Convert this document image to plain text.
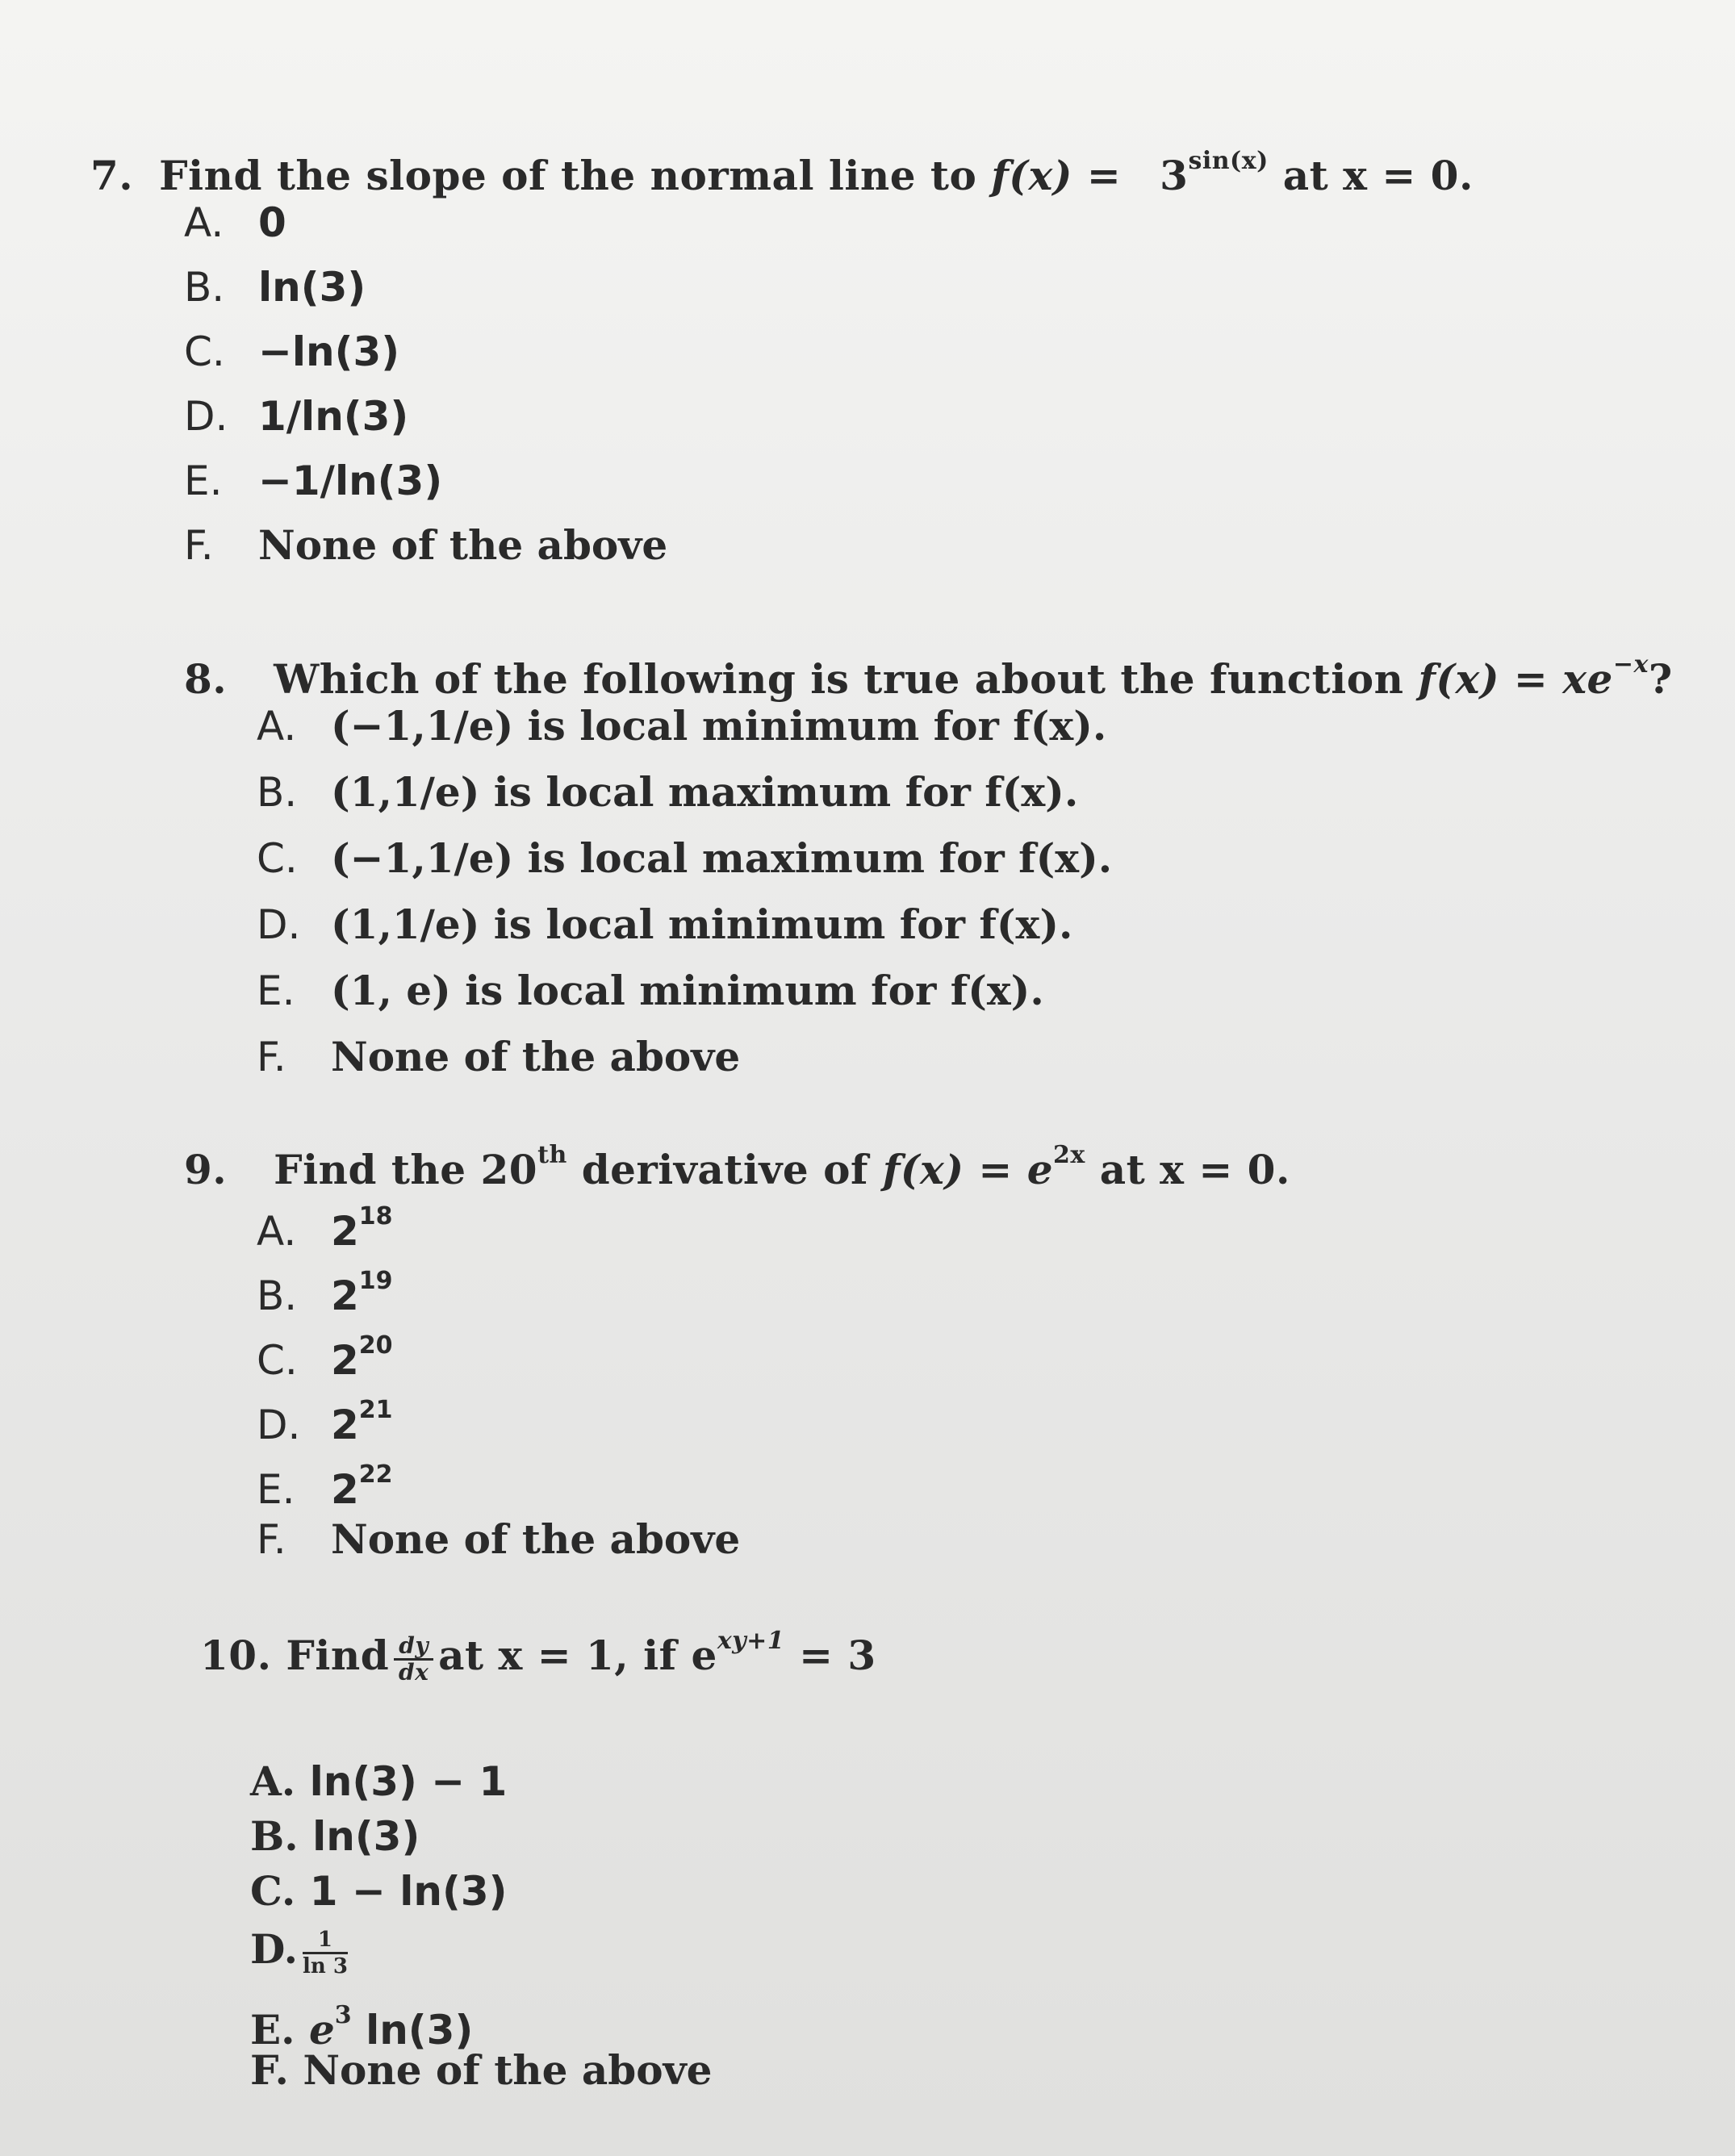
7. Find the slope of the normal line to $f(x) = 3^{sin(x)}$ at x = 0.
A. 0
B. ln(3)
C. −ln(3)
D. 1/ln(3)
E. −1/ln(3)
F. None of the above
8. Which of the following is true about the function $f(x) = xe^{-x}$?
A. (−1,1/e) is local minimum for f(x).
B. (1,1/e) is local maximum for f(x).
C. (−1,1/e) is local maximum for f(x).
D. (1,1/e) is local minimum for f(x).
E. (1, e) is local minimum for f(x).
F. None of the above
9. Find the 20th derivative of $f(x) = e^{2x}$ at x = 0.
A. $2^{18}$
B. $2^{19}$
C. $2^{20}$
D. $2^{21}$
E. $2^{22}$
F. None of the above
10. Find $\frac{dy}{dx}$ at x = 1, if $e^{xy+1} = 3$
A. ln(3) − 1
B. ln(3)
C. 1 − ln(3)
D. $\frac{1}{\ln 3}$
E. $e^3$ ln(3)
F. None of the above
